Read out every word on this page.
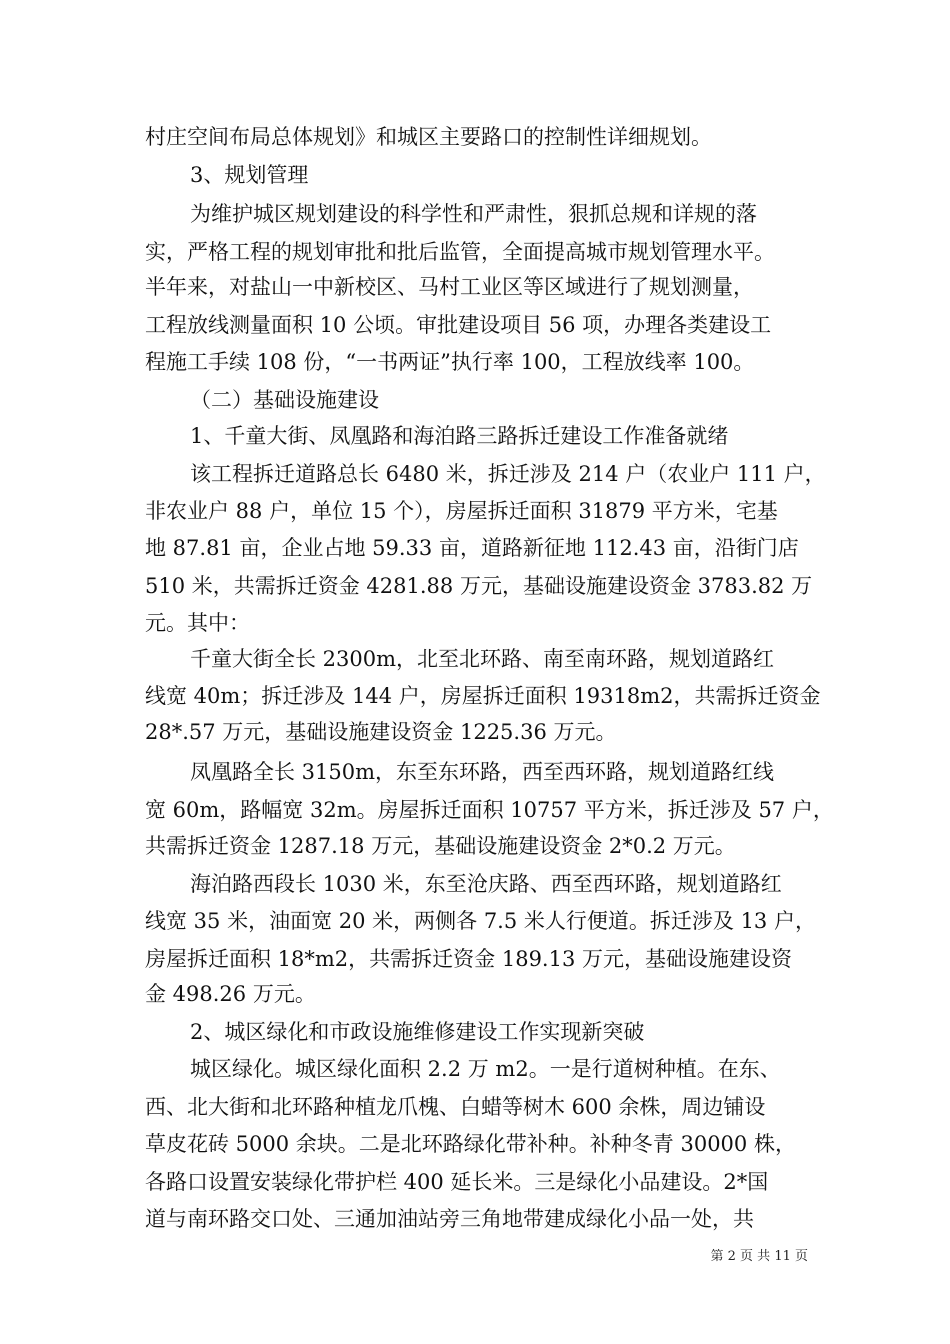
村庄空间布局总体规划》和城区主要路口的控制性详细规划。
3、规划管理
为维护城区规划建设的科学性和严肃性，狠抓总规和详规的落
实，严格工程的规划审批和批后监管，全面提高城市规划管理水平。
半年来，对盐山一中新校区、马村工业区等区域进行了规划测量，
工程放线测量面积 10 公顷。审批建设项目 56 项，办理各类建设工
程施工手续 108 份，“一书两证”执行率 100，工程放线率 100。
（二）基础设施建设
1、千童大街、凤凰路和海泊路三路拆迁建设工作准备就绪
该工程拆迁道路总长 6480 米，拆迁涉及 214 户（农业户 111 户，
非农业户 88 户，单位 15 个），房屋拆迁面积 31879 平方米，宅基
地 87.81 亩，企业占地 59.33 亩，道路新征地 112.43 亩，沿街门店
510 米，共需拆迁资金 4281.88 万元，基础设施建设资金 3783.82 万
元。其中：
千童大街全长 2300m，北至北环路、南至南环路，规划道路红
线宽 40m；拆迁涉及 144 户，房屋拆迁面积 19318m2，共需拆迁资金
28*.57 万元，基础设施建设资金 1225.36 万元。
凤凰路全长 3150m，东至东环路，西至西环路，规划道路红线
宽 60m，路幅宽 32m。房屋拆迁面积 10757 平方米，拆迁涉及 57 户，
共需拆迁资金 1287.18 万元，基础设施建设资金 2*0.2 万元。
海泊路西段长 1030 米，东至沧庆路、西至西环路，规划道路红
线宽 35 米，油面宽 20 米，两侧各 7.5 米人行便道。拆迁涉及 13 户，
房屋拆迁面积 18*m2，共需拆迁资金 189.13 万元，基础设施建设资
金 498.26 万元。
2、城区绿化和市政设施维修建设工作实现新突破
城区绿化。城区绿化面积 2.2 万 m2。一是行道树种植。在东、
西、北大街和北环路种植龙爪槐、白蜡等树木 600 余株，周边铺设
草皮花砖 5000 余块。二是北环路绿化带补种。补种冬青 30000 株，
各路口设置安装绿化带护栏 400 延长米。三是绿化小品建设。2*国
道与南环路交口处、三通加油站旁三角地带建成绿化小品一处，共
第 2 页 共 11 页
